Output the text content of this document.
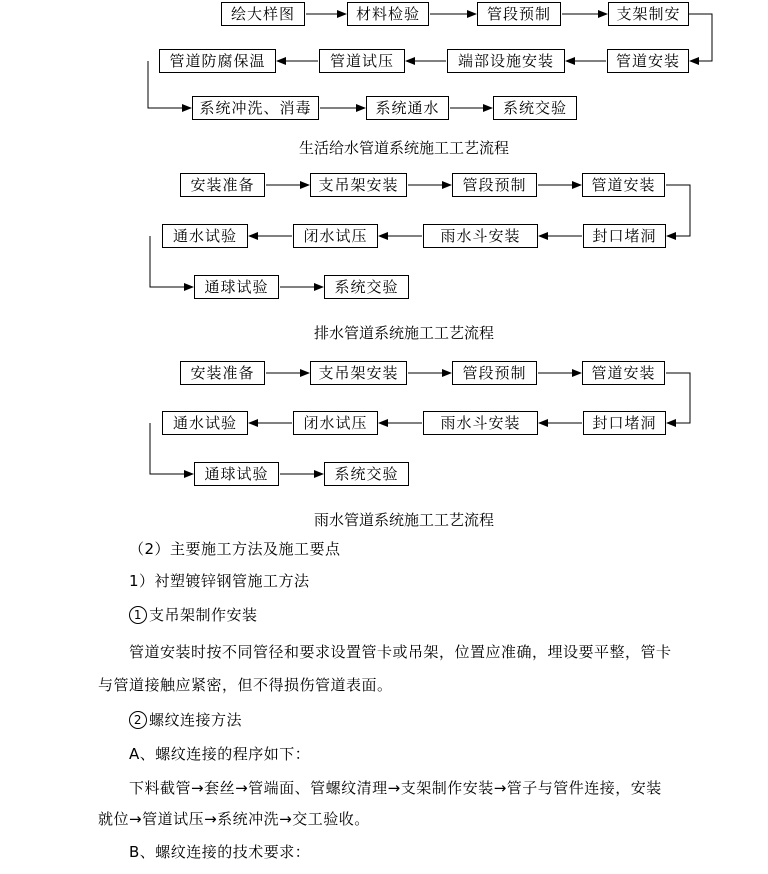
绘大样图	材料检验	管段预制	支架制安
管道安装
端部设施安装
管道试压
管道防腐保温
系统冲洗、消毒	系统通水	系统交验
生活给水管道系统施工工艺流程
安装准备	支吊架安装	管段预制	管道安装
封口堵洞
雨水斗安装
闭水试压
通水试验
通球试验	系统交验
排水管道系统施工工艺流程
安装准备	支吊架安装	管段预制	管道安装
封口堵洞
雨水斗安装
闭水试压
通水试验
通球试验	系统交验
雨水管道系统施工工艺流程
（2）主要施工方法及施工要点
1）衬塑镀锌钢管施工方法
1 支吊架制作安装
管道安装时按不同管径和要求设置管卡或吊架，位置应准确，埋设要平整，管卡
与管道接触应紧密，但不得损伤管道表面。
2 螺纹连接方法
A、螺纹连接的程序如下：
下料截管→套丝→管端面、管螺纹清理→支架制作安装→管子与管件连接，安装
就位→管道试压→系统冲洗→交工验收。
B、螺纹连接的技术要求：
